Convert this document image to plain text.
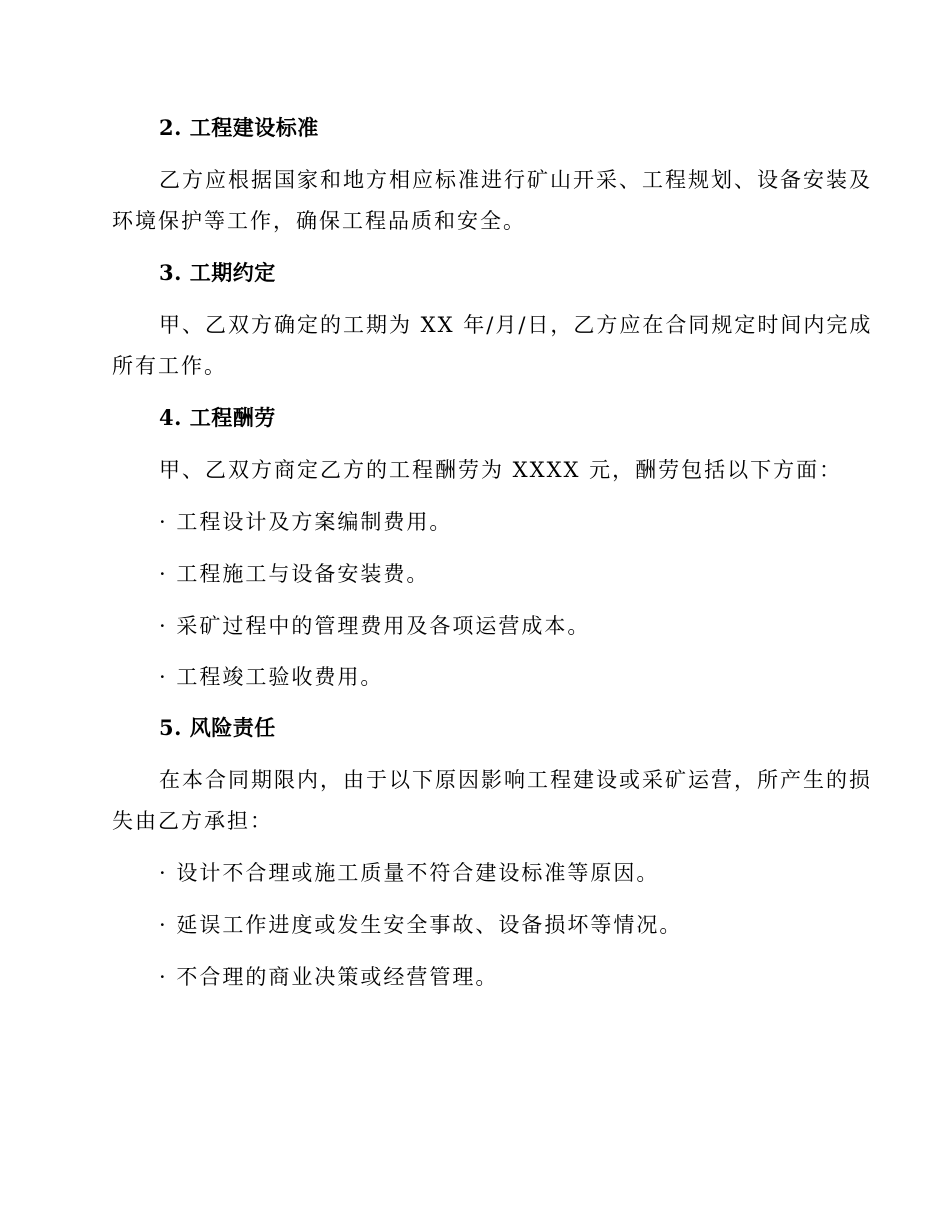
2. 工程建设标准

乙方应根据国家和地方相应标准进行矿山开采、工程规划、设备安装及

环境保护等工作，确保工程品质和安全。

3. 工期约定

甲、乙双方确定的工期为 XX 年/月/日，乙方应在合同规定时间内完成

所有工作。

4. 工程酬劳

甲、乙双方商定乙方的工程酬劳为 XXXX 元，酬劳包括以下方面：

· 工程设计及方案编制费用。

· 工程施工与设备安装费。

· 采矿过程中的管理费用及各项运营成本。

· 工程竣工验收费用。

5. 风险责任

在本合同期限内，由于以下原因影响工程建设或采矿运营，所产生的损

失由乙方承担：

· 设计不合理或施工质量不符合建设标准等原因。

· 延误工作进度或发生安全事故、设备损坏等情况。

· 不合理的商业决策或经营管理。
